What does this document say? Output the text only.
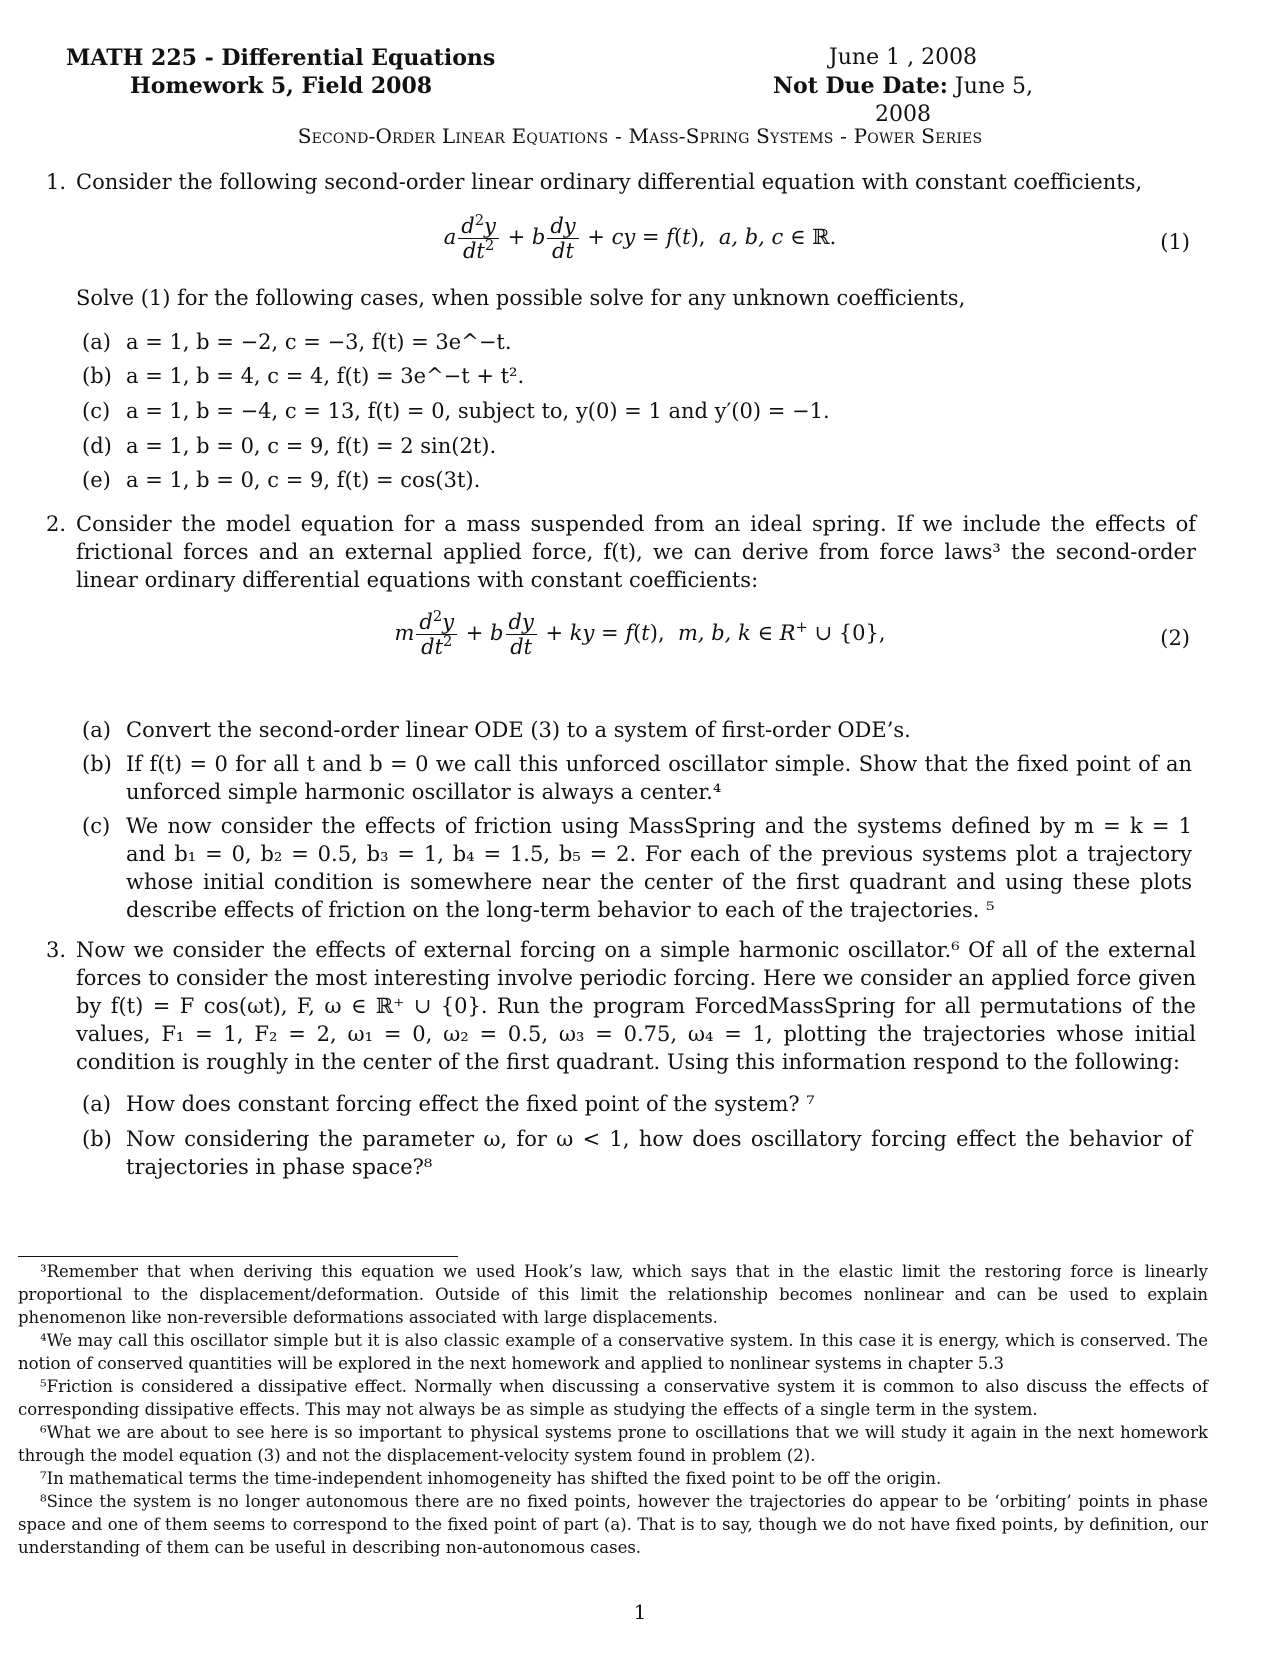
MATH 225 - Differential Equations
Homework 5, Field 2008
June 1 , 2008
Not Due Date: June 5, 2008
Second-Order Linear Equations - Mass-Spring Systems - Power Series
1. Consider the following second-order linear ordinary differential equation with constant coefficients,
a $\frac{d^2y}{dt^2} + b \frac{dy}{dt}$ + cy = f(t),  a, b, c ∈ ℝ.	(1)
Solve (1) for the following cases, when possible solve for any unknown coefficients,
(a) a = 1, b = −2, c = −3, f(t) = 3e^−t.
(b) a = 1, b = 4, c = 4, f(t) = 3e^−t + t².
(c) a = 1, b = −4, c = 13, f(t) = 0, subject to, y(0) = 1 and y′(0) = −1.
(d) a = 1, b = 0, c = 9, f(t) = 2 sin(2t).
(e) a = 1, b = 0, c = 9, f(t) = cos(3t).
2. Consider the model equation for a mass suspended from an ideal spring. If we include the effects of frictional forces and an external applied force, f(t), we can derive from force laws³ the second-order linear ordinary differential equations with constant coefficients:
m $\frac{d^2y}{dt^2} + b \frac{dy}{dt}$ + ky = f(t),  m, b, k ∈ R+ ∪ {0},	(2)
(a) Convert the second-order linear ODE (3) to a system of first-order ODE’s.
(b) If f(t) = 0 for all t and b = 0 we call this unforced oscillator simple. Show that the fixed point of an unforced simple harmonic oscillator is always a center.⁴
(c) We now consider the effects of friction using MassSpring and the systems defined by m = k = 1 and b₁ = 0, b₂ = 0.5, b₃ = 1, b₄ = 1.5, b₅ = 2. For each of the previous systems plot a trajectory whose initial condition is somewhere near the center of the first quadrant and using these plots describe effects of friction on the long-term behavior to each of the trajectories. ⁵
3. Now we consider the effects of external forcing on a simple harmonic oscillator.⁶ Of all of the external forces to consider the most interesting involve periodic forcing. Here we consider an applied force given by f(t) = F cos(ωt), F, ω ∈ ℝ⁺ ∪ {0}. Run the program ForcedMassSpring for all permutations of the values, F₁ = 1, F₂ = 2, ω₁ = 0, ω₂ = 0.5, ω₃ = 0.75, ω₄ = 1, plotting the trajectories whose initial condition is roughly in the center of the first quadrant. Using this information respond to the following:
(a) How does constant forcing effect the fixed point of the system? ⁷
(b) Now considering the parameter ω, for ω < 1, how does oscillatory forcing effect the behavior of trajectories in phase space?⁸
³Remember that when deriving this equation we used Hook’s law, which says that in the elastic limit the restoring force is linearly proportional to the displacement/deformation. Outside of this limit the relationship becomes nonlinear and can be used to explain phenomenon like non-reversible deformations associated with large displacements.
⁴We may call this oscillator simple but it is also classic example of a conservative system. In this case it is energy, which is conserved. The notion of conserved quantities will be explored in the next homework and applied to nonlinear systems in chapter 5.3
⁵Friction is considered a dissipative effect. Normally when discussing a conservative system it is common to also discuss the effects of corresponding dissipative effects. This may not always be as simple as studying the effects of a single term in the system.
⁶What we are about to see here is so important to physical systems prone to oscillations that we will study it again in the next homework through the model equation (3) and not the displacement-velocity system found in problem (2).
⁷In mathematical terms the time-independent inhomogeneity has shifted the fixed point to be off the origin.
⁸Since the system is no longer autonomous there are no fixed points, however the trajectories do appear to be ‘orbiting’ points in phase space and one of them seems to correspond to the fixed point of part (a). That is to say, though we do not have fixed points, by definition, our understanding of them can be useful in describing non-autonomous cases.
1
